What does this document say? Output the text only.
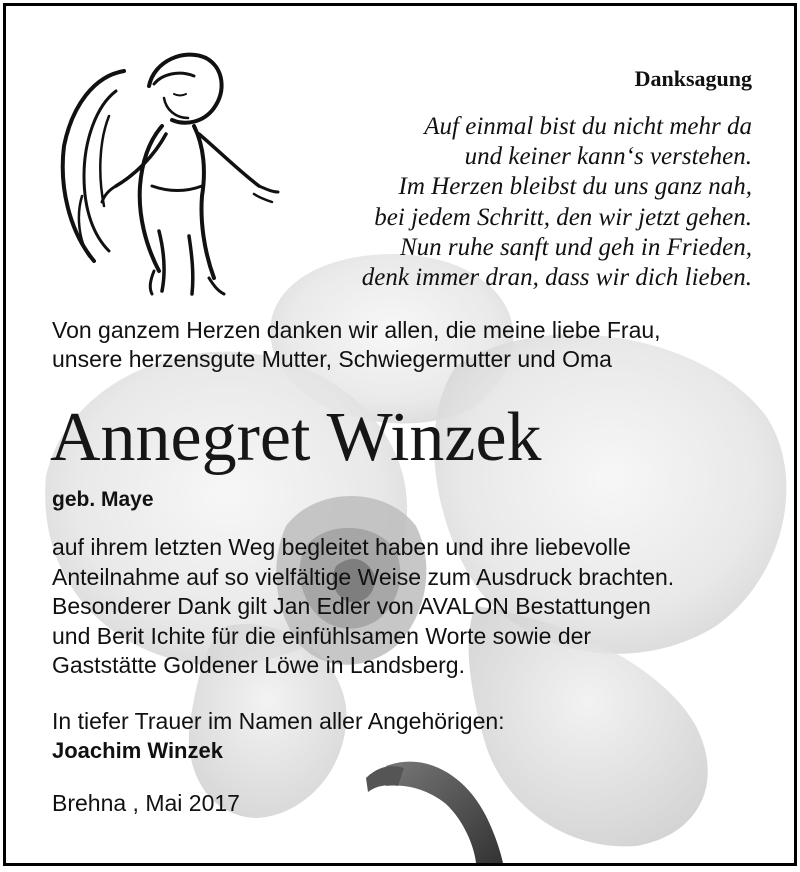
Danksagung
Auf einmal bist du nicht mehr da
und keiner kann‘s verstehen.
Im Herzen bleibst du uns ganz nah,
bei jedem Schritt, den wir jetzt gehen.
Nun ruhe sanft und geh in Frieden,
denk immer dran, dass wir dich lieben.
Von ganzem Herzen danken wir allen, die meine liebe Frau,
unsere herzensgute Mutter, Schwiegermutter und Oma
Annegret Winzek
geb. Maye
auf ihrem letzten Weg begleitet haben und ihre liebevolle
Anteilnahme auf so vielfältige Weise zum Ausdruck brachten.
Besonderer Dank gilt Jan Edler von AVALON Bestattungen
und Berit Ichite für die einfühlsamen Worte sowie der
Gaststätte Goldener Löwe in Landsberg.
In tiefer Trauer im Namen aller Angehörigen:
Joachim Winzek
Brehna , Mai 2017
